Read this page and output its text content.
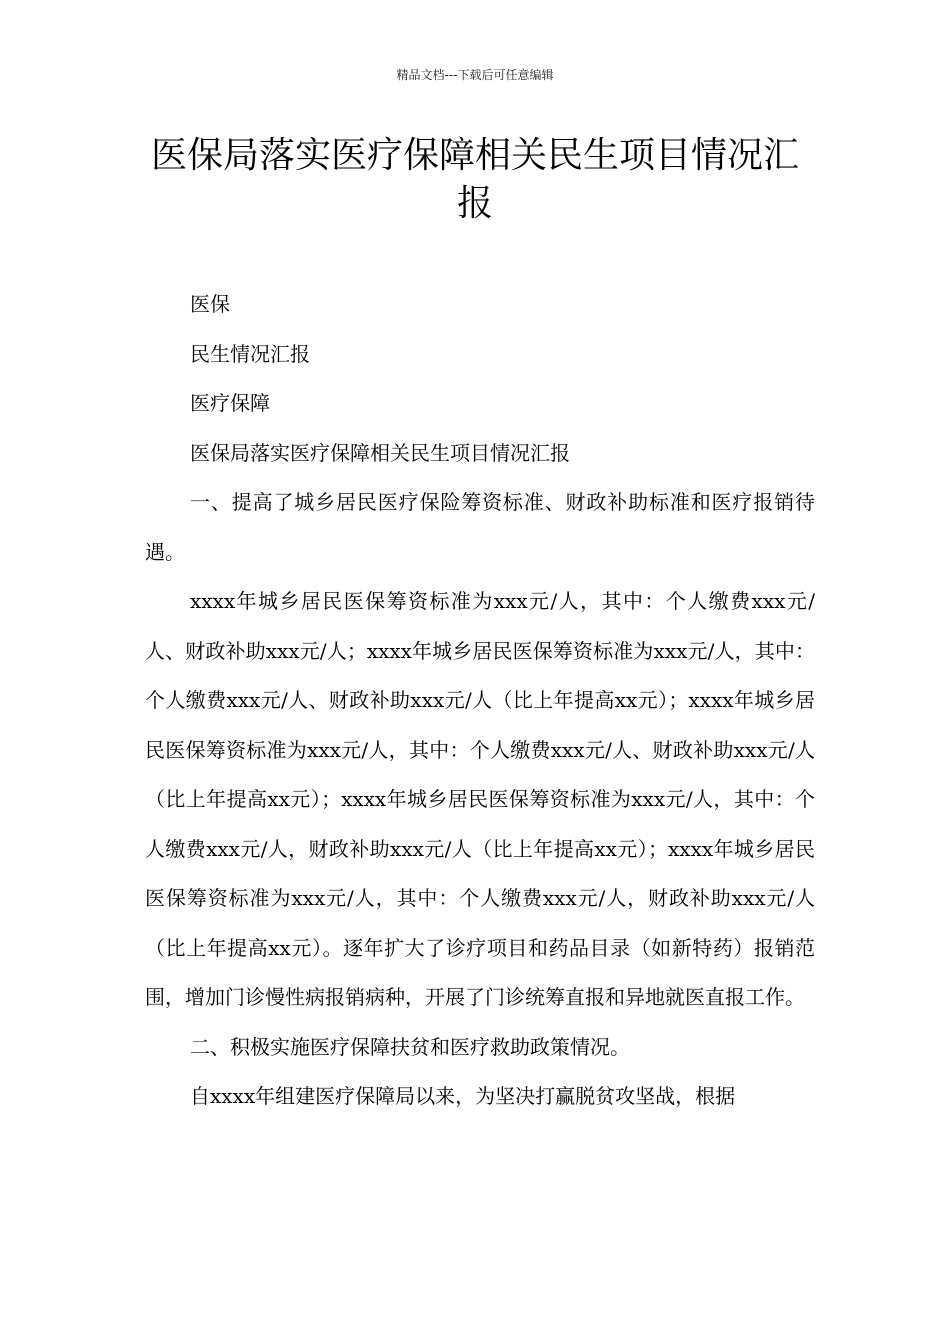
精品文档---下载后可任意编辑
医保局落实医疗保障相关民生项目情况汇报

医保

民生情况汇报

医疗保障

医保局落实医疗保障相关民生项目情况汇报

一、提高了城乡居民医疗保险筹资标准、财政补助标准和医疗报销待遇。

xxxx年城乡居民医保筹资标准为xxx元/人，其中：个人缴费xxx元/人、财政补助xxx元/人；xxxx年城乡居民医保筹资标准为xxx元/人，其中：个人缴费xxx元/人、财政补助xxx元/人（比上年提高xx元）；xxxx年城乡居民医保筹资标准为xxx元/人，其中：个人缴费xxx元/人、财政补助xxx元/人（比上年提高xx元）；xxxx年城乡居民医保筹资标准为xxx元/人，其中：个人缴费xxx元/人，财政补助xxx元/人（比上年提高xx元）；xxxx年城乡居民医保筹资标准为xxx元/人，其中：个人缴费xxx元/人，财政补助xxx元/人（比上年提高xx元）。逐年扩大了诊疗项目和药品目录（如新特药）报销范围，增加门诊慢性病报销病种，开展了门诊统筹直报和异地就医直报工作。

二、积极实施医疗保障扶贫和医疗救助政策情况。

自xxxx年组建医疗保障局以来，为坚决打赢脱贫攻坚战，根据
